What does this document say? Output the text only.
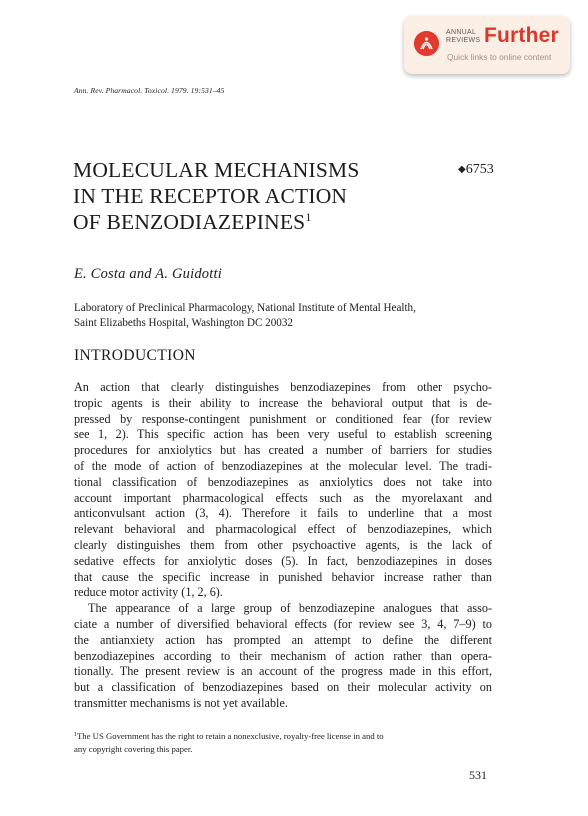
ANNUAL
REVIEWS Further
Quick links to online content

Ann. Rev. Pharmacol. Toxicol. 1979. 19:531–45

MOLECULAR MECHANISMS
IN THE RECEPTOR ACTION
OF BENZODIAZEPINES$^1$
◆6753

E. Costa and A. Guidotti

Laboratory of Preclinical Pharmacology, National Institute of Mental Health,
Saint Elizabeths Hospital, Washington DC 20032

INTRODUCTION
An action that clearly distinguishes benzodiazepines from other psycho-
tropic agents is their ability to increase the behavioral output that is de-
pressed by response-contingent punishment or conditioned fear (for review
see 1, 2). This specific action has been very useful to establish screening
procedures for anxiolytics but has created a number of barriers for studies
of the mode of action of benzodiazepines at the molecular level. The tradi-
tional classification of benzodiazepines as anxiolytics does not take into
account important pharmacological effects such as the myorelaxant and
anticonvulsant action (3, 4). Therefore it fails to underline that a most
relevant behavioral and pharmacological effect of benzodiazepines, which
clearly distinguishes them from other psychoactive agents, is the lack of
sedative effects for anxiolytic doses (5). In fact, benzodiazepines in doses
that cause the specific increase in punished behavior increase rather than
reduce motor activity (1, 2, 6).
The appearance of a large group of benzodiazepine analogues that asso-
ciate a number of diversified behavioral effects (for review see 3, 4, 7–9) to
the antianxiety action has prompted an attempt to define the different
benzodiazepines according to their mechanism of action rather than opera-
tionally. The present review is an account of the progress made in this effort,
but a classification of benzodiazepines based on their molecular activity on
transmitter mechanisms is not yet available.
$^1$The US Government has the right to retain a nonexclusive, royalty-free license in and to
any copyright covering this paper.
531
